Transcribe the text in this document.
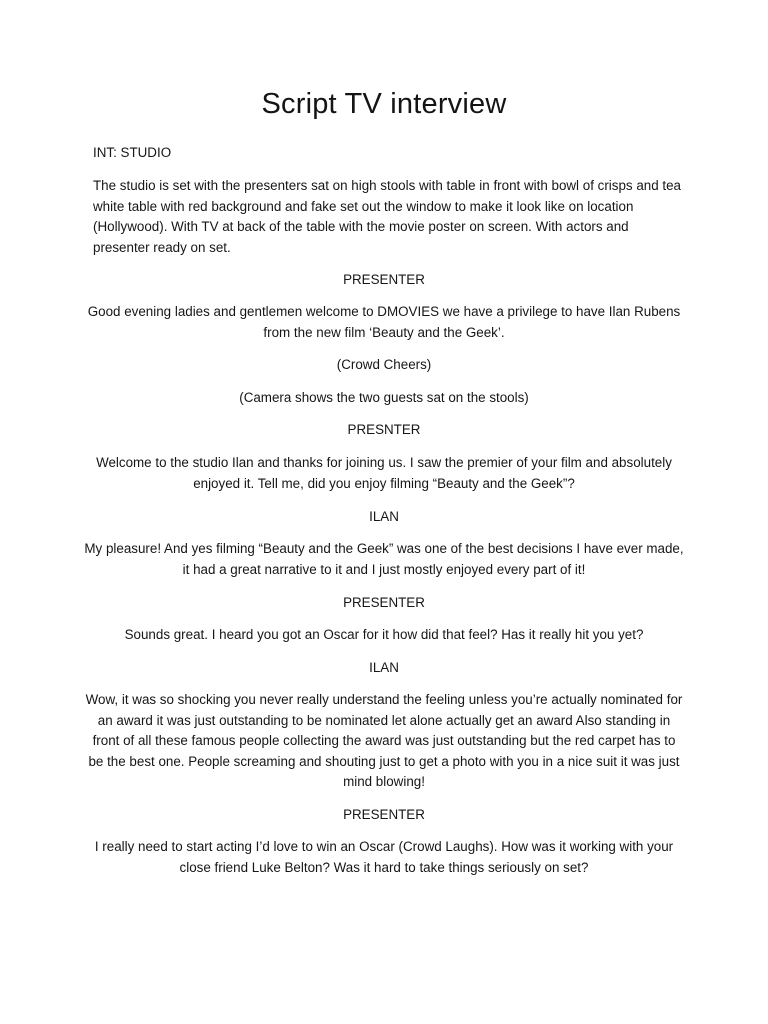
Script TV interview
INT: STUDIO
The studio is set with the presenters sat on high stools with table in front with bowl of crisps and tea white table with red background and fake set out the window to make it look like on location (Hollywood). With TV at back of the table with the movie poster on screen. With actors and presenter ready on set.
PRESENTER
Good evening ladies and gentlemen welcome to DMOVIES we have a privilege to have Ilan Rubens from the new film ‘Beauty and the Geek’.
(Crowd Cheers)
(Camera shows the two guests sat on the stools)
PRESNTER
Welcome to the studio Ilan and thanks for joining us. I saw the premier of your film and absolutely enjoyed it. Tell me, did you enjoy filming “Beauty and the Geek”?
ILAN
My pleasure! And yes filming “Beauty and the Geek” was one of the best decisions I have ever made, it had a great narrative to it and I just mostly enjoyed every part of it!
PRESENTER
Sounds great. I heard you got an Oscar for it how did that feel? Has it really hit you yet?
ILAN
Wow, it was so shocking you never really understand the feeling unless you’re actually nominated for an award it was just outstanding to be nominated let alone actually get an award Also standing in front of all these famous people collecting the award was just outstanding but the red carpet has to be the best one. People screaming and shouting just to get a photo with you in a nice suit it was just mind blowing!
PRESENTER
I really need to start acting I’d love to win an Oscar (Crowd Laughs). How was it working with your close friend Luke Belton? Was it hard to take things seriously on set?
